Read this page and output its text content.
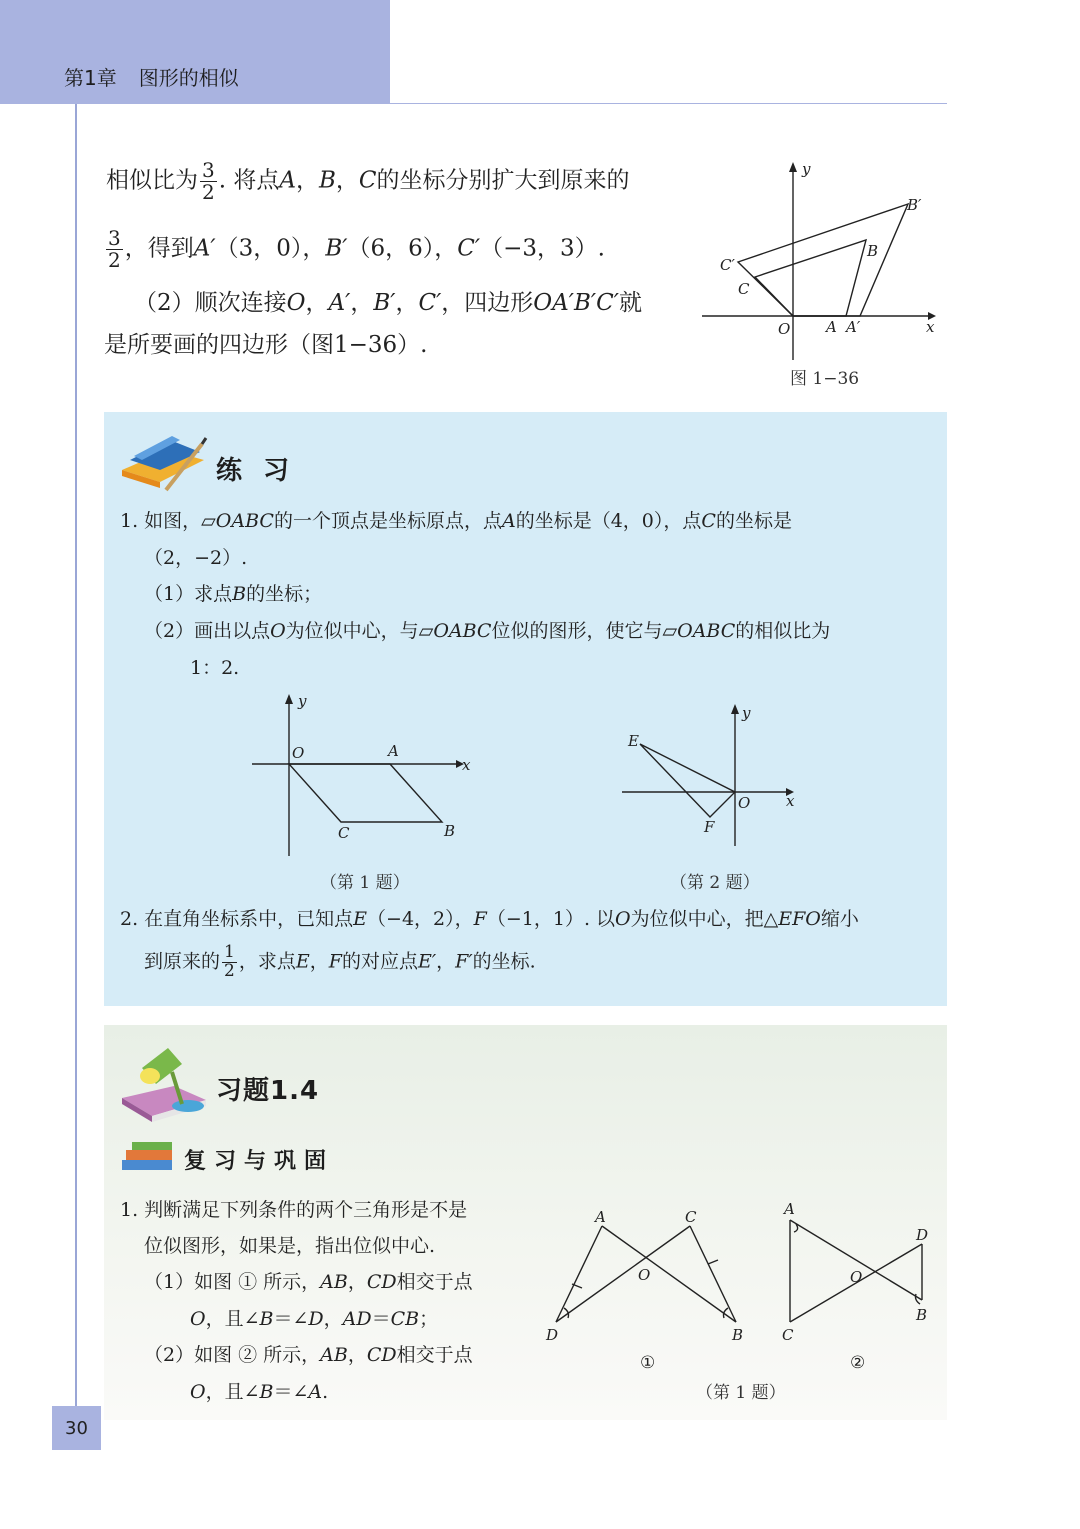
第1章 图形的相似
30
相似比为 $\frac{3}{2}$ . 将点A，B，C的坐标分别扩大到原来的
$\frac{3}{2}$ ，得到A′（3，0），B′（6，6），C′（−3，3）.
（2）顺次连接O，A′，B′，C′，四边形OA′B′C′就
是所要画的四边形（图1−36）.
y
x
O A A′
B
B′
C
C′
图 1−36
练 习
1. 如图，▱OABC的一个顶点是坐标原点，点A的坐标是（4，0），点C的坐标是
（2，−2）.
（1）求点B的坐标；
（2）画出以点O为位似中心，与▱OABC位似的图形，使它与▱OABC的相似比为
1：2.
y
x
O	A
B
C
（第 1 题）
y
x
O
E
F
（第 2 题）
2. 在直角坐标系中，已知点E（−4，2），F（−1，1）. 以O为位似中心，把△EFO缩小
到原来的 $\frac{1}{2}$ ，求点E，F的对应点E′，F′的坐标.
习题1.4
复习与巩固
1. 判断满足下列条件的两个三角形是不是
位似图形，如果是，指出位似中心.
（1）如图 ① 所示，AB，CD相交于点
O，且∠B＝∠D，AD＝CB；
（2）如图 ② 所示，AB，CD相交于点
O，且∠B＝∠A.
A	C
O
D	B
①
A
D
O
B
C
②
（第 1 题）
